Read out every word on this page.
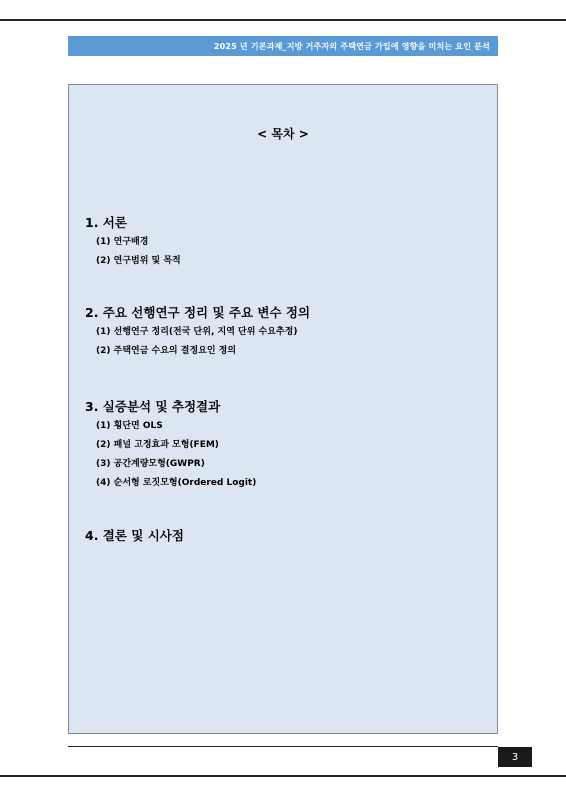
2025 년 기본과제_지방 거주자의 주택연금 가입에 영향을 미치는 요인 분석
< 목차 >
1. 서론
(1) 연구배경
(2) 연구범위 및 목적
2. 주요 선행연구 정리 및 주요 변수 정의
(1) 선행연구 정리(전국 단위, 지역 단위 수요추정)
(2) 주택연금 수요의 결정요인 정의
3. 실증분석 및 추정결과
(1) 횡단면 OLS
(2) 패널 고정효과 모형(FEM)
(3) 공간계량모형(GWPR)
(4) 순서형 로짓모형(Ordered Logit)
4. 결론 및 시사점
3
